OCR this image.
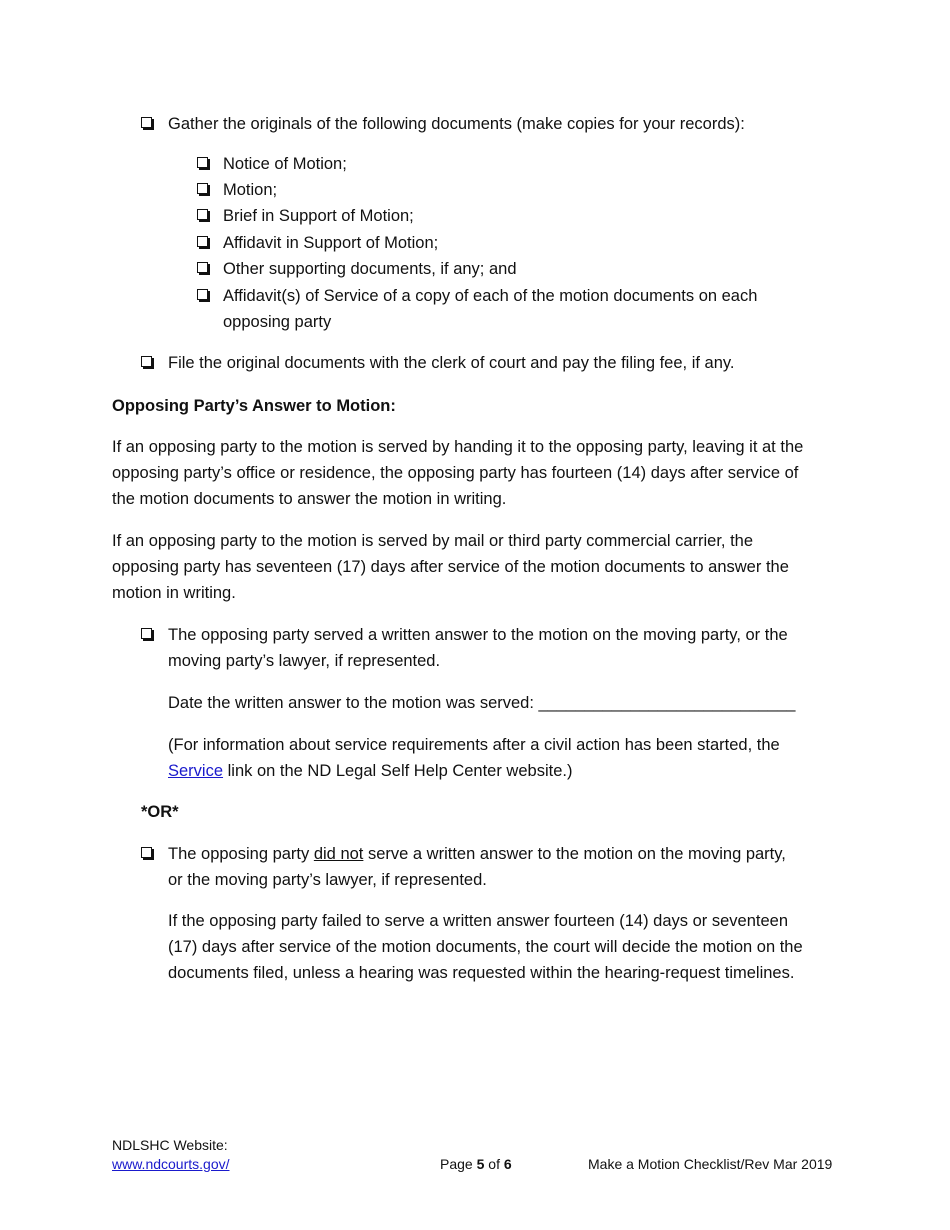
Gather the originals of the following documents (make copies for your records):
Notice of Motion;
Motion;
Brief in Support of Motion;
Affidavit in Support of Motion;
Other supporting documents, if any; and
Affidavit(s) of Service of a copy of each of the motion documents on each
opposing party
File the original documents with the clerk of court and pay the filing fee, if any.
Opposing Party’s Answer to Motion:
If an opposing party to the motion is served by handing it to the opposing party, leaving it at the
opposing party’s office or residence, the opposing party has fourteen (14) days after service of
the motion documents to answer the motion in writing.
If an opposing party to the motion is served by mail or third party commercial carrier, the
opposing party has seventeen (17) days after service of the motion documents to answer the
motion in writing.
The opposing party served a written answer to the motion on the moving party, or the
moving party’s lawyer, if represented.
Date the written answer to the motion was served: ____________________________
(For information about service requirements after a civil action has been started, the
Service link on the ND Legal Self Help Center website.)
*OR*
The opposing party did not serve a written answer to the motion on the moving party,
or the moving party’s lawyer, if represented.
If the opposing party failed to serve a written answer fourteen (14) days or seventeen
(17) days after service of the motion documents, the court will decide the motion on the
documents filed, unless a hearing was requested within the hearing-request timelines.
NDLSHC Website:
www.ndcourts.gov/	Page 5 of 6	Make a Motion Checklist/Rev Mar 2019
